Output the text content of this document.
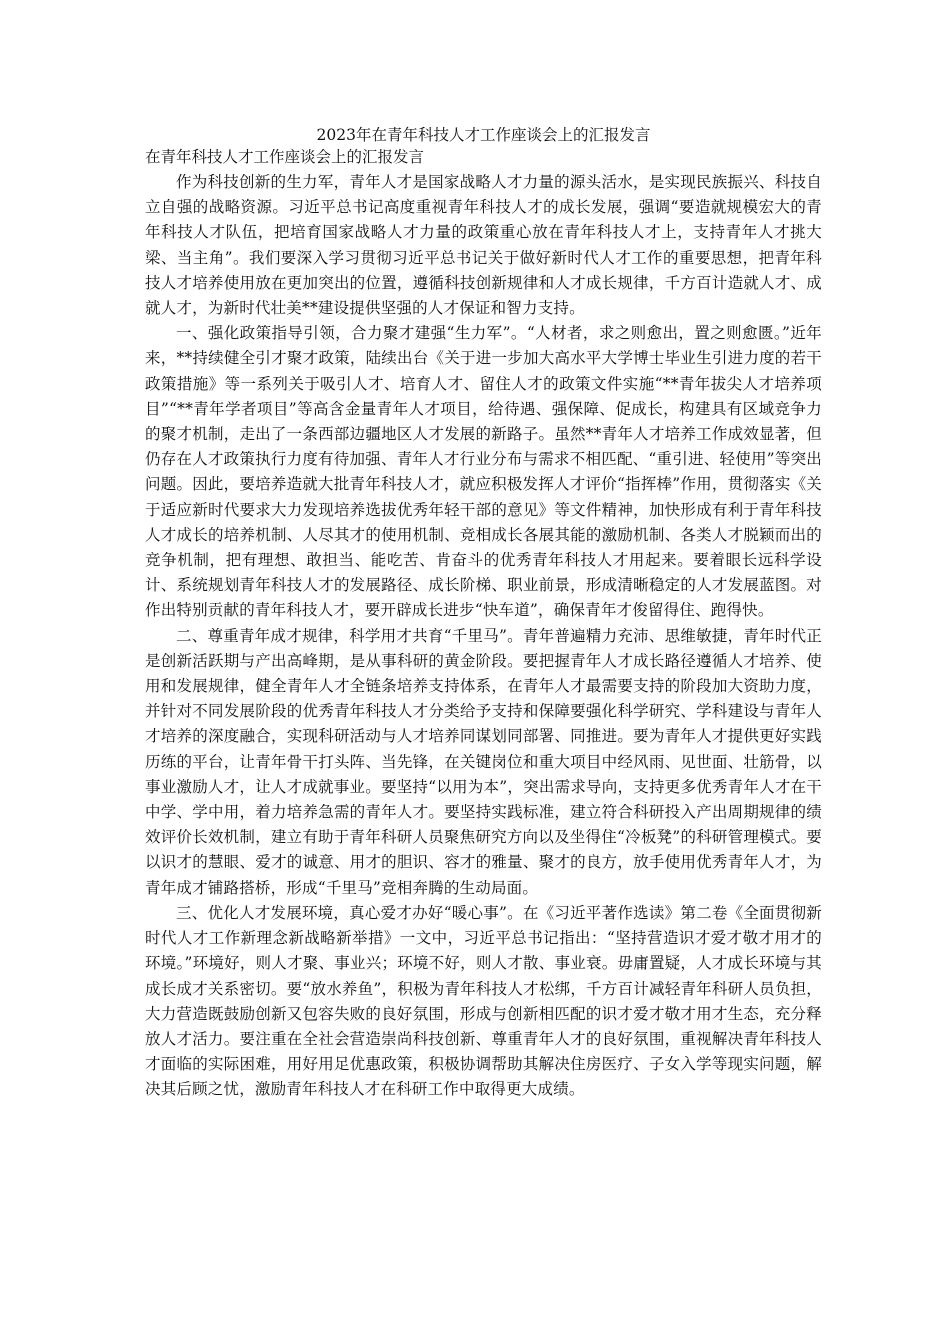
2023年在青年科技人才工作座谈会上的汇报发言

在青年科技人才工作座谈会上的汇报发言

作为科技创新的生力军，青年人才是国家战略人才力量的源头活水，是实现民族振兴、科技自立自强的战略资源。习近平总书记高度重视青年科技人才的成长发展，强调“要造就规模宏大的青年科技人才队伍，把培育国家战略人才力量的政策重心放在青年科技人才上，支持青年人才挑大梁、当主角”。我们要深入学习贯彻习近平总书记关于做好新时代人才工作的重要思想，把青年科技人才培养使用放在更加突出的位置，遵循科技创新规律和人才成长规律，千方百计造就人才、成就人才，为新时代壮美**建设提供坚强的人才保证和智力支持。

一、强化政策指导引领，合力聚才建强“生力军”。“人材者，求之则愈出，置之则愈匮。”近年来，**持续健全引才聚才政策，陆续出台《关于进一步加大高水平大学博士毕业生引进力度的若干政策措施》等一系列关于吸引人才、培育人才、留住人才的政策文件实施“**青年拔尖人才培养项目”“**青年学者项目”等高含金量青年人才项目，给待遇、强保障、促成长，构建具有区域竞争力的聚才机制，走出了一条西部边疆地区人才发展的新路子。虽然**青年人才培养工作成效显著，但仍存在人才政策执行力度有待加强、青年人才行业分布与需求不相匹配、“重引进、轻使用”等突出问题。因此，要培养造就大批青年科技人才，就应积极发挥人才评价“指挥棒”作用，贯彻落实《关于适应新时代要求大力发现培养选拔优秀年轻干部的意见》等文件精神，加快形成有利于青年科技人才成长的培养机制、人尽其才的使用机制、竞相成长各展其能的激励机制、各类人才脱颖而出的竞争机制，把有理想、敢担当、能吃苦、肯奋斗的优秀青年科技人才用起来。要着眼长远科学设计、系统规划青年科技人才的发展路径、成长阶梯、职业前景，形成清晰稳定的人才发展蓝图。对作出特别贡献的青年科技人才，要开辟成长进步“快车道”，确保青年才俊留得住、跑得快。

二、尊重青年成才规律，科学用才共育“千里马”。青年普遍精力充沛、思维敏捷，青年时代正是创新活跃期与产出高峰期，是从事科研的黄金阶段。要把握青年人才成长路径遵循人才培养、使用和发展规律，健全青年人才全链条培养支持体系，在青年人才最需要支持的阶段加大资助力度，并针对不同发展阶段的优秀青年科技人才分类给予支持和保障要强化科学研究、学科建设与青年人才培养的深度融合，实现科研活动与人才培养同谋划同部署、同推进。要为青年人才提供更好实践历练的平台，让青年骨干打头阵、当先锋，在关键岗位和重大项目中经风雨、见世面、壮筋骨，以事业激励人才，让人才成就事业。要坚持“以用为本”，突出需求导向，支持更多优秀青年人才在干中学、学中用，着力培养急需的青年人才。要坚持实践标准，建立符合科研投入产出周期规律的绩效评价长效机制，建立有助于青年科研人员聚焦研究方向以及坐得住“冷板凳”的科研管理模式。要以识才的慧眼、爱才的诚意、用才的胆识、容才的雅量、聚才的良方，放手使用优秀青年人才，为青年成才铺路搭桥，形成“千里马”竞相奔腾的生动局面。

三、优化人才发展环境，真心爱才办好“暖心事”。在《习近平著作选读》第二卷《全面贯彻新时代人才工作新理念新战略新举措》一文中，习近平总书记指出：“坚持营造识才爱才敬才用才的环境。”环境好，则人才聚、事业兴；环境不好，则人才散、事业衰。毋庸置疑，人才成长环境与其成长成才关系密切。要“放水养鱼”，积极为青年科技人才松绑，千方百计减轻青年科研人员负担，大力营造既鼓励创新又包容失败的良好氛围，形成与创新相匹配的识才爱才敬才用才生态，充分释放人才活力。要注重在全社会营造崇尚科技创新、尊重青年人才的良好氛围，重视解决青年科技人才面临的实际困难，用好用足优惠政策，积极协调帮助其解决住房医疗、子女入学等现实问题，解决其后顾之忧，激励青年科技人才在科研工作中取得更大成绩。
